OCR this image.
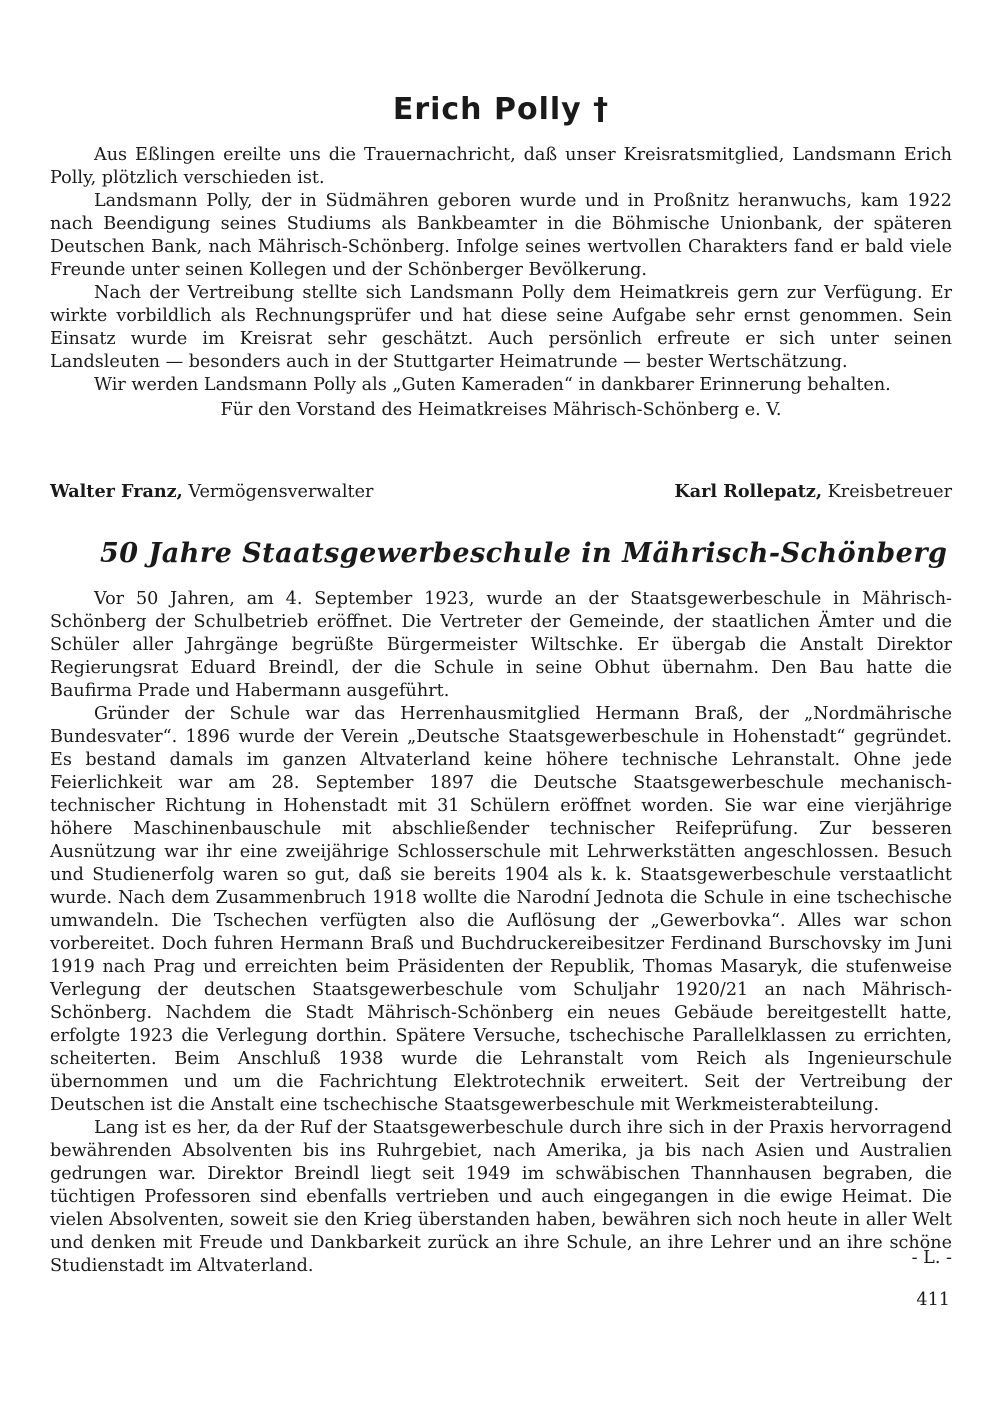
Erich Polly †

Aus Eßlingen ereilte uns die Trauernachricht, daß unser Kreisratsmitglied, Landsmann Erich Polly, plötzlich verschieden ist.

Landsmann Polly, der in Südmähren geboren wurde und in Proßnitz heranwuchs, kam 1922 nach Beendigung seines Studiums als Bankbeamter in die Böhmische Unionbank, der späteren Deutschen Bank, nach Mährisch-Schönberg. Infolge seines wertvollen Charakters fand er bald viele Freunde unter seinen Kollegen und der Schönberger Bevölkerung.

Nach der Vertreibung stellte sich Landsmann Polly dem Heimatkreis gern zur Verfügung. Er wirkte vorbildlich als Rechnungsprüfer und hat diese seine Aufgabe sehr ernst genommen. Sein Einsatz wurde im Kreisrat sehr geschätzt. Auch persönlich erfreute er sich unter seinen Landsleuten — besonders auch in der Stuttgarter Heimatrunde — bester Wertschätzung.

Wir werden Landsmann Polly als „Guten Kameraden“ in dankbarer Erinnerung behalten.

Für den Vorstand des Heimatkreises Mährisch-Schönberg e. V.

Walter Franz, Vermögensverwalter	Karl Rollepatz, Kreisbetreuer
50 Jahre Staatsgewerbeschule in Mährisch-Schönberg

Vor 50 Jahren, am 4. September 1923, wurde an der Staatsgewerbeschule in Mährisch-Schönberg der Schulbetrieb eröffnet. Die Vertreter der Gemeinde, der staatlichen Ämter und die Schüler aller Jahrgänge begrüßte Bürgermeister Wiltschke. Er übergab die Anstalt Direktor Regierungsrat Eduard Breindl, der die Schule in seine Obhut übernahm. Den Bau hatte die Baufirma Prade und Habermann ausgeführt.

Gründer der Schule war das Herrenhausmitglied Hermann Braß, der „Nordmährische Bundesvater“. 1896 wurde der Verein „Deutsche Staatsgewerbeschule in Hohenstadt“ gegründet. Es bestand damals im ganzen Altvaterland keine höhere technische Lehranstalt. Ohne jede Feierlichkeit war am 28. September 1897 die Deutsche Staatsgewerbeschule mechanisch-technischer Richtung in Hohenstadt mit 31 Schülern eröffnet worden. Sie war eine vierjährige höhere Maschinenbauschule mit abschließender technischer Reifeprüfung. Zur besseren Ausnützung war ihr eine zweijährige Schlosserschule mit Lehrwerkstätten angeschlossen. Besuch und Studienerfolg waren so gut, daß sie bereits 1904 als k. k. Staatsgewerbeschule verstaatlicht wurde. Nach dem Zusammenbruch 1918 wollte die Narodní Jednota die Schule in eine tschechische umwandeln. Die Tschechen verfügten also die Auflösung der „Gewerbovka“. Alles war schon vorbereitet. Doch fuhren Hermann Braß und Buchdruckereibesitzer Ferdinand Burschovsky im Juni 1919 nach Prag und erreichten beim Präsidenten der Republik, Thomas Masaryk, die stufenweise Verlegung der deutschen Staatsgewerbeschule vom Schuljahr 1920/21 an nach Mährisch-Schönberg. Nachdem die Stadt Mährisch-Schönberg ein neues Gebäude bereitgestellt hatte, erfolgte 1923 die Verlegung dorthin. Spätere Versuche, tschechische Parallelklassen zu errichten, scheiterten. Beim Anschluß 1938 wurde die Lehranstalt vom Reich als Ingenieurschule übernommen und um die Fachrichtung Elektrotechnik erweitert. Seit der Vertreibung der Deutschen ist die Anstalt eine tschechische Staatsgewerbeschule mit Werkmeisterabteilung.

Lang ist es her, da der Ruf der Staatsgewerbeschule durch ihre sich in der Praxis hervorragend bewährenden Absolventen bis ins Ruhrgebiet, nach Amerika, ja bis nach Asien und Australien gedrungen war. Direktor Breindl liegt seit 1949 im schwäbischen Thannhausen begraben, die tüchtigen Professoren sind ebenfalls vertrieben und auch eingegangen in die ewige Heimat. Die vielen Absolventen, soweit sie den Krieg überstanden haben, bewähren sich noch heute in aller Welt und denken mit Freude und Dankbarkeit zurück an ihre Schule, an ihre Lehrer und an ihre schöne Studienstadt im Altvaterland.	- L. -
411
